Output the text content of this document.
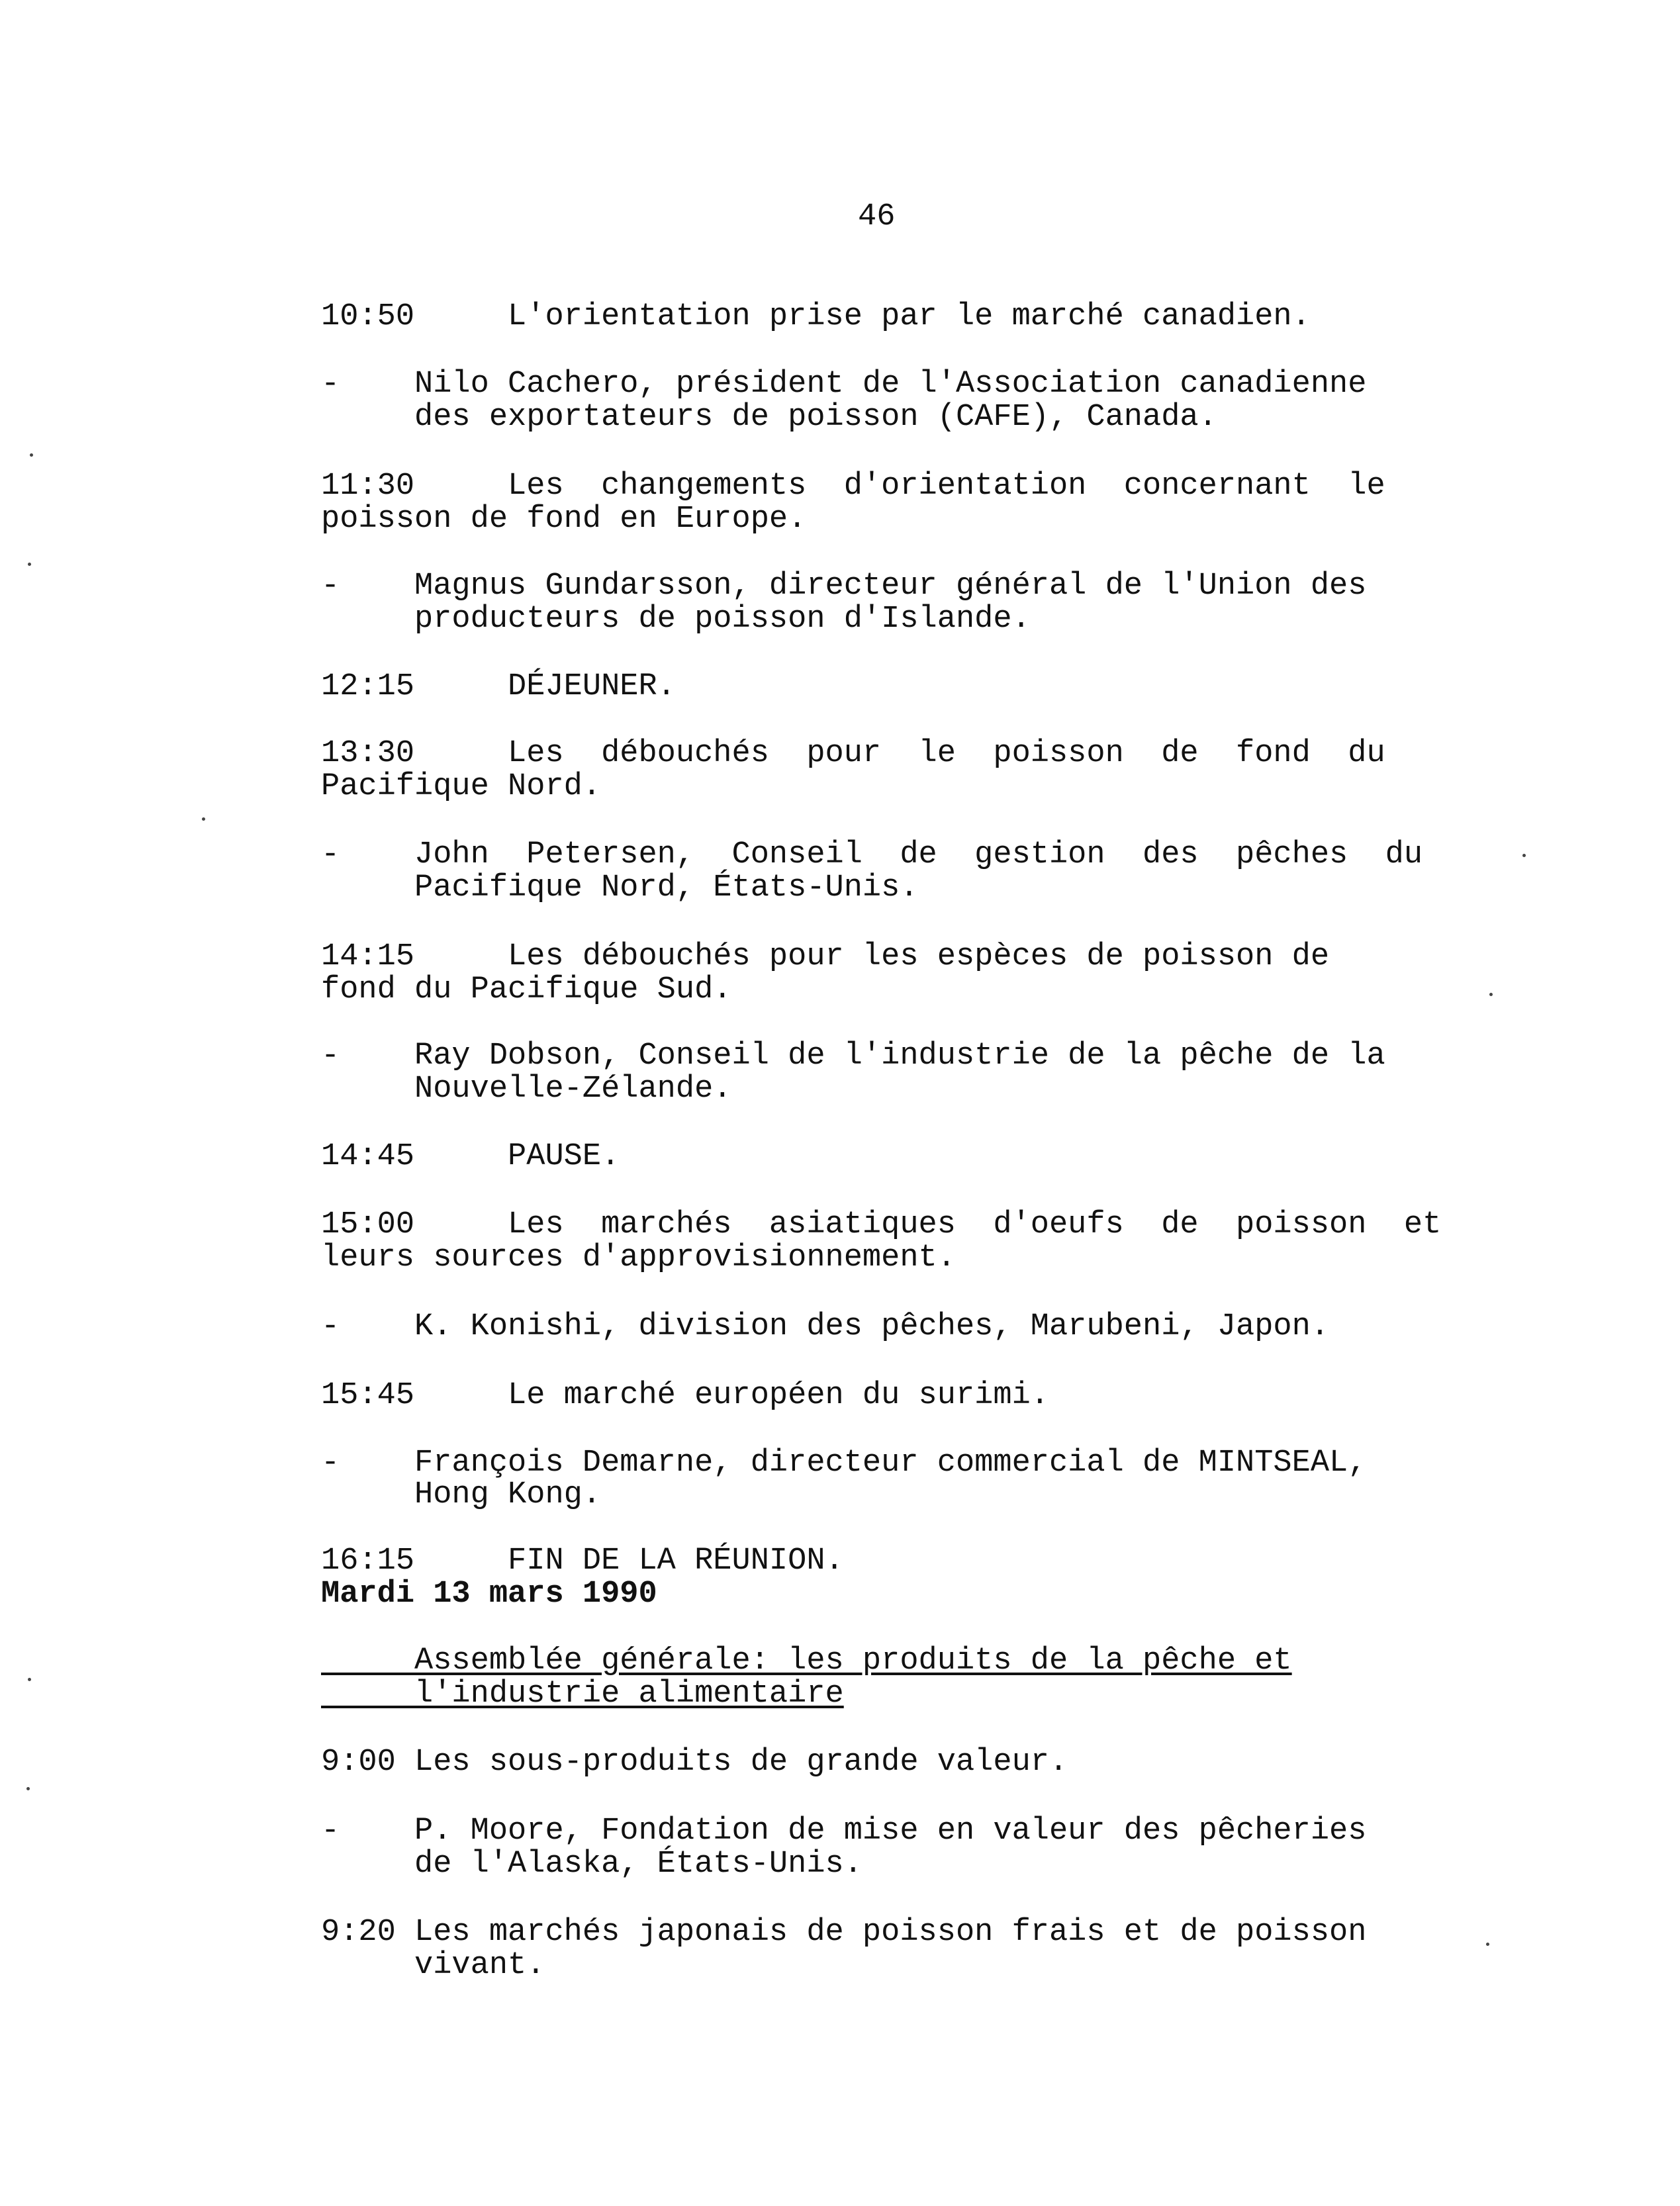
46
10:50     L'orientation prise par le marché canadien.
-    Nilo Cachero, président de l'Association canadienne
des exportateurs de poisson (CAFE), Canada.
11:30     Les  changements  d'orientation  concernant  le
poisson de fond en Europe.
-    Magnus Gundarsson, directeur général de l'Union des
producteurs de poisson d'Islande.
12:15     DÉJEUNER.
13:30     Les  débouchés  pour  le  poisson  de  fond  du
Pacifique Nord.
-    John  Petersen,  Conseil  de  gestion  des  pêches  du
Pacifique Nord, États-Unis.
14:15     Les débouchés pour les espèces de poisson de
fond du Pacifique Sud.
-    Ray Dobson, Conseil de l'industrie de la pêche de la
Nouvelle-Zélande.
14:45     PAUSE.
15:00     Les  marchés  asiatiques  d'oeufs  de  poisson  et
leurs sources d'approvisionnement.
-    K. Konishi, division des pêches, Marubeni, Japon.
15:45     Le marché européen du surimi.
-    François Demarne, directeur commercial de MINTSEAL,
Hong Kong.
16:15     FIN DE LA RÉUNION.
Mardi 13 mars 1990
Assemblée générale: les produits de la pêche et
l'industrie alimentaire
9:00 Les sous-produits de grande valeur.
-    P. Moore, Fondation de mise en valeur des pêcheries
de l'Alaska, États-Unis.
9:20 Les marchés japonais de poisson frais et de poisson
vivant.
